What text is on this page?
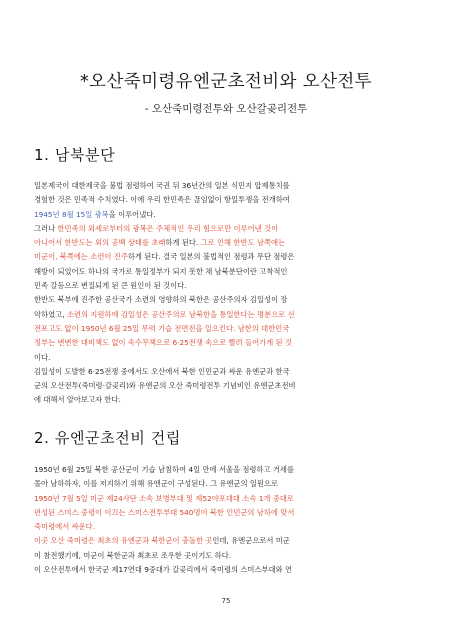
*오산죽미령유엔군초전비와 오산전투
- 오산죽미령전투와 오산갈곶리전투
1. 남북분단
일본제국이 대한제국을 불법 점령하여 국권 뒤 36년간의 일본 식민지 압제통치를
경험한 것은 민족적 수치였다. 이에 우리 한민족은 끊임없이 항일투쟁을 전개하여
1945년 8월 15일 광복을 이루어냈다.
그러나 한민족의 외세로부터의 광복은 주체적인 우리 힘으로만 이루어낸 것이
아니어서 한반도는 외의 공백 상태를 초래하게 된다. 그로 인해 한반도 남쪽에는
미군이, 북쪽에는 소련이 진주하게 된다. 결국 일본의 불법적인 점령과 무단 점령은
해방이 되었어도 하나의 국가로 통일정부가 되지 못한 채 남북분단이란 고착적인
민족 갈등으로 변질되게 된 큰 원인이 된 것이다.
한반도 북부에 진주한 공산국가 소련의 영향하의 북한은 공산주의자 김일성이 장
악하였고, 소련의 지원하에 김일성은 공산주의로 남북한을 통일한다는 명분으로 선
전포고도 없이 1950년 6월 25일 무력 기습 전면전을 일으킨다. 남한의 대한민국
정부는 변변한 대비책도 없이 속수무책으로 6·25전쟁 속으로 빨려 들어가게 된 것
이다.
김일성이 도발한 6·25전쟁 중에서도 오산에서 북한 인민군과 싸운 유엔군과 한국
군의 오산전투(죽미령·갈곶리)와 유엔군의 오산 죽미령전투 기념비인 유엔군초전비
에 대해서 알아보고자 한다.
2. 유엔군초전비 건립
1950년 6월 25일 북한 공산군이 기습 남침하여 4일 만에 서울을 점령하고 거세를
몰아 남하하자, 이를 저지하기 위해 유엔군이 구성된다. 그 유엔군의 일원으로
1950년 7월 5일 미군 제24사단 소속 보병부대 및 제52야포대대 소속 1개 중대로
편성된 스미스 중령이 이끄는 스미스전투부대 540명이 북한 인민군의 남하에 맞서
죽미령에서 싸운다.
이곳 오산 죽미령은 최초의 유엔군과 북한군이 충돌한 곳인데, 유엔군으로서 미군
이 참전했기에, 미군이 북한군과 최초로 조우한 곳이기도 하다.
이 오산전투에서 한국군 제17연대 9중대가 갈곶리에서 죽미령의 스미스부대와 연
75
